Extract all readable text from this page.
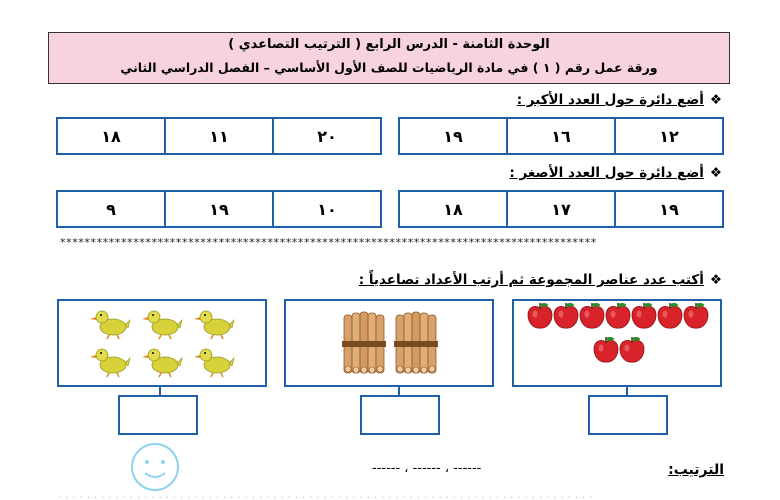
الوحدة الثامنة - الدرس الرابع ( الترتيب التصاعدي )
ورقة عمل رقم ( ١ ) في مادة الرياضيات للصف الأول الأساسي – الفصل الدراسي الثاني
❖أضع دائرة حول العدد الأكبر :
١٢
١٦
١٩
٢٠
١١
١٨
❖أضع دائرة حول العدد الأصغر :
١٩
١٧
١٨
١٠
١٩
٩
****************************************************************************************
❖أكتب عدد عناصر المجموعة ثم أرتب الأعداد تصاعدياً :
الترتيب:
------ ، ------ ، ------
...........................................................................
